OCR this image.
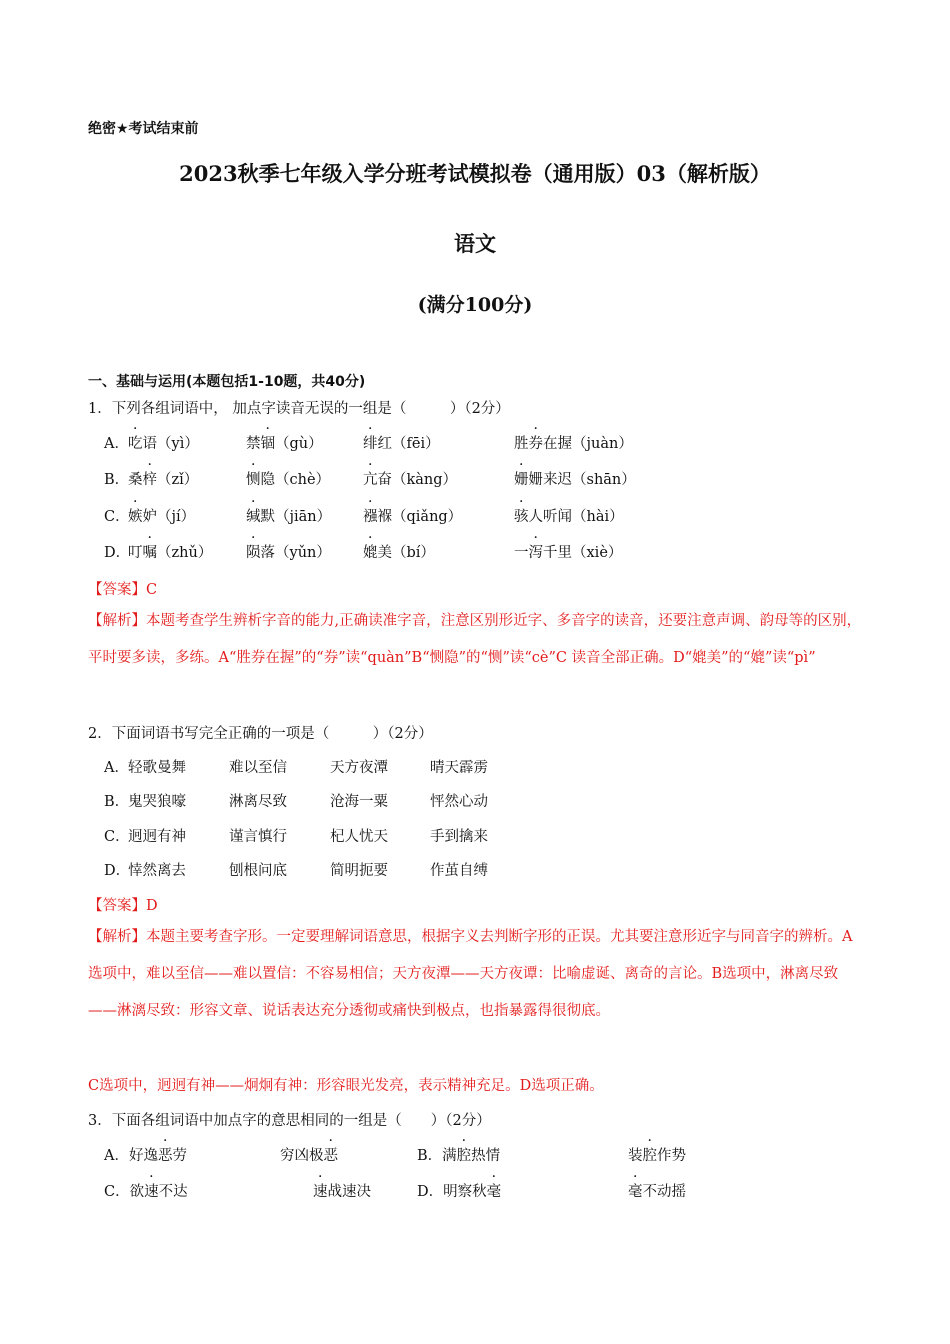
绝密★考试结束前
2023秋季七年级入学分班考试模拟卷（通用版）03（解析版）
语文
(满分100分)
一、基础与运用(本题包括1-10题，共40分)
1．下列各组词语中， 加点字读音无误的一组是（　　　）（2分）
A． 吃语（yì）	禁锢（gù）	绯红（fēi）	胜券在握（juàn）
B．
桑梓（zǐ）	恻隐（chè） 亢奋（kàng）	姗姗来迟（shān）
C．
嫉妒（jí）	缄默（jiān） 襁褓（qiǎng）	骇人听闻（hài）
D．
叮嘱（zhǔ） 陨落（yǔn） 媲美（bí）	一泻千里（xiè）
【答案】C
【解析】本题考查学生辨析字音的能力,正确读准字音，注意区别形近字、多音字的读音，还要注意声调、韵母等的区别，平时要多读，多练。A“胜券在握”的“券”读“quàn”B“恻隐”的“恻”读“cè”C 读音全部正确。D“媲美”的“媲”读“pì”
2．下面词语书写完全正确的一项是（　　　）（2分）
A． 轻歌曼舞	难以至信	天方夜潭	晴天霹雳
B．
鬼哭狼嚎	淋离尽致	沧海一粟	怦然心动
C．
迥迥有神	谨言慎行	杞人忧天	手到擒来
D．
悻然离去	刨根问底	简明扼要	作茧自缚
【答案】D
【解析】本题主要考查字形。一定要理解词语意思，根据字义去判断字形的正误。尤其要注意形近字与同音字的辨析。A选项中，难以至信——难以置信：不容易相信；天方夜潭——天方夜谭：比喻虚诞、离奇的言论。B选项中，淋离尽致——淋漓尽致：形容文章、说话表达充分透彻或痛快到极点，也指暴露得很彻底。
C选项中，迥迥有神——炯炯有神：形容眼光发亮，表示精神充足。D选项正确。
3．下面各组词语中加点字的意思相同的一组是（　　）（2分）
A．好逸恶劳	穷凶极恶	B．满腔热情	装腔作势
C．欲速不达	速战速决	D．明察秋毫	毫不动摇
